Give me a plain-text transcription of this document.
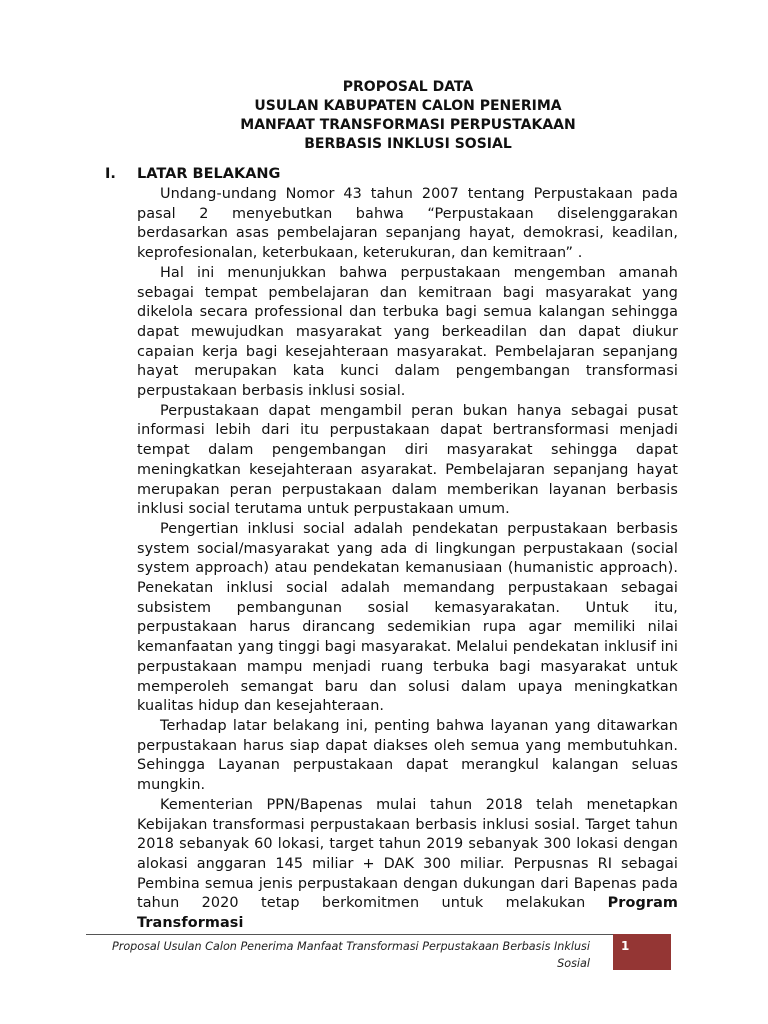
PROPOSAL DATA
USULAN KABUPATEN CALON PENERIMA
MANFAAT TRANSFORMASI PERPUSTAKAAN
BERBASIS INKLUSI SOSIAL
I. LATAR BELAKANG

Undang-undang Nomor 43 tahun 2007 tentang Perpustakaan pada pasal 2 menyebutkan bahwa “Perpustakaan diselenggarakan berdasarkan asas pembelajaran sepanjang hayat, demokrasi, keadilan, keprofesionalan, keterbukaan, keterukuran, dan kemitraan” .

Hal ini menunjukkan bahwa perpustakaan mengemban amanah sebagai tempat pembelajaran dan kemitraan bagi masyarakat yang dikelola secara professional dan terbuka bagi semua kalangan sehingga dapat mewujudkan masyarakat yang berkeadilan dan dapat diukur capaian kerja bagi kesejahteraan masyarakat. Pembelajaran sepanjang hayat merupakan kata kunci dalam pengembangan transformasi perpustakaan berbasis inklusi sosial.

Perpustakaan dapat mengambil peran bukan hanya sebagai pusat informasi lebih dari itu perpustakaan dapat bertransformasi menjadi tempat dalam pengembangan diri masyarakat sehingga dapat meningkatkan kesejahteraan asyarakat. Pembelajaran sepanjang hayat merupakan peran perpustakaan dalam memberikan layanan berbasis inklusi social terutama untuk perpustakaan umum.

Pengertian inklusi social adalah pendekatan perpustakaan berbasis system social/masyarakat yang ada di lingkungan perpustakaan (social system approach) atau pendekatan kemanusiaan (humanistic approach). Penekatan inklusi social adalah memandang perpustakaan sebagai subsistem pembangunan sosial kemasyarakatan. Untuk itu, perpustakaan harus dirancang sedemikian rupa agar memiliki nilai kemanfaatan yang tinggi bagi masyarakat. Melalui pendekatan inklusif ini perpustakaan mampu menjadi ruang terbuka bagi masyarakat untuk memperoleh semangat baru dan solusi dalam upaya meningkatkan kualitas hidup dan kesejahteraan.

Terhadap latar belakang ini, penting bahwa layanan yang ditawarkan perpustakaan harus siap dapat diakses oleh semua yang membutuhkan. Sehingga Layanan perpustakaan dapat merangkul kalangan seluas mungkin.

Kementerian PPN/Bapenas mulai tahun 2018 telah menetapkan Kebijakan transformasi perpustakaan berbasis inklusi sosial. Target tahun 2018 sebanyak 60 lokasi, target tahun 2019 sebanyak 300 lokasi dengan alokasi anggaran 145 miliar + DAK 300 miliar. Perpusnas RI sebagai Pembina semua jenis perpustakaan dengan dukungan dari Bapenas pada tahun 2020 tetap berkomitmen untuk melakukan Program Transformasi

Proposal Usulan Calon Penerima Manfaat Transformasi Perpustakaan Berbasis Inklusi Sosial
1
